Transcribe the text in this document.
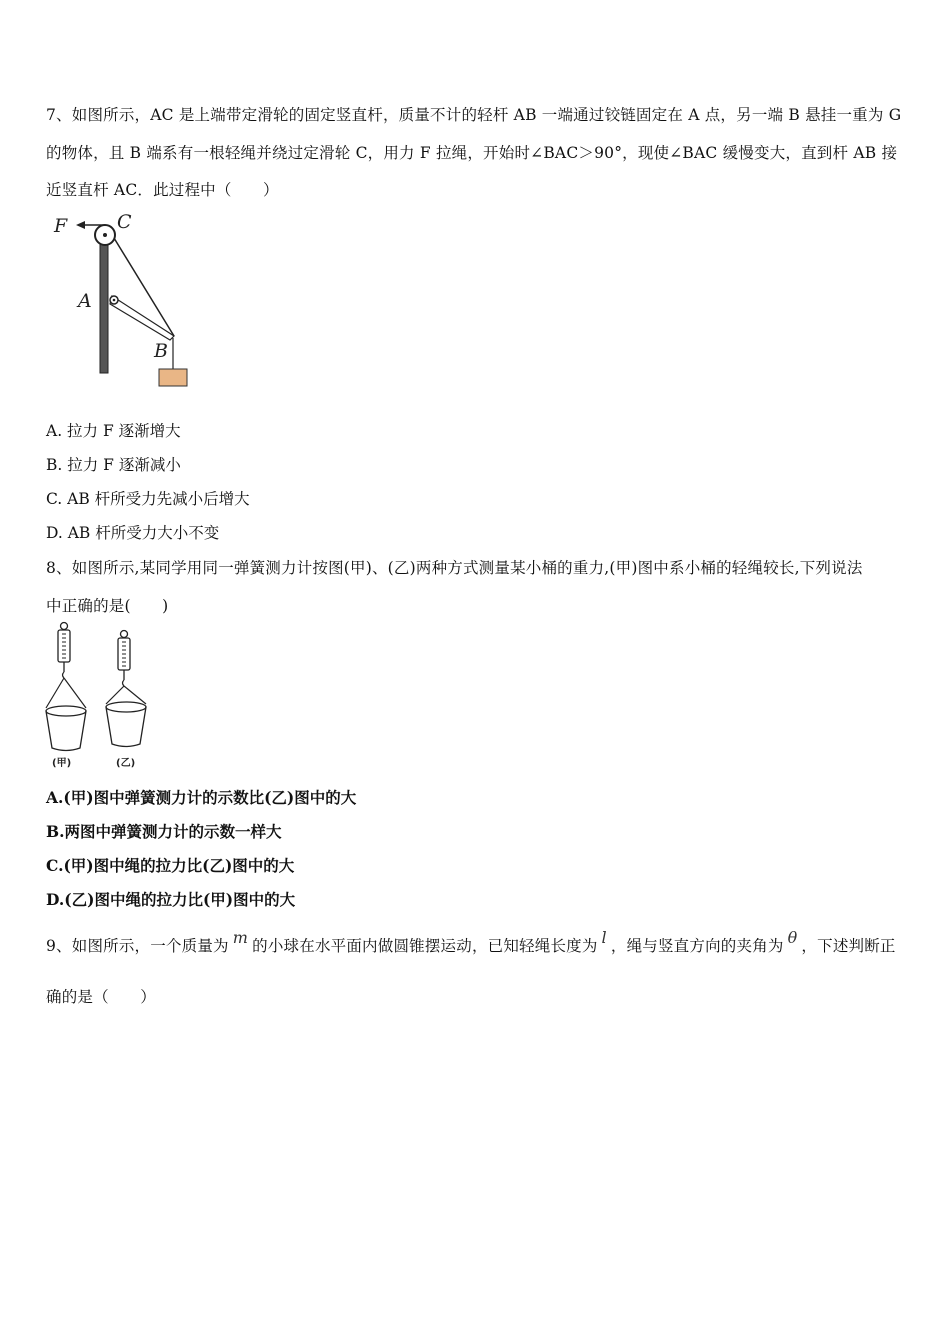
7、如图所示，AC 是上端带定滑轮的固定竖直杆，质量不计的轻杆 AB 一端通过铰链固定在 A 点，另一端 B 悬挂一重为 G
的物体，且 B 端系有一根轻绳并绕过定滑轮 C，用力 F 拉绳，开始时∠BAC＞90°，现使∠BAC 缓慢变大，直到杆 AB 接
近竖直杆 AC．此过程中（　　）
F	C
A
B
A. 拉力 F 逐渐增大
B. 拉力 F 逐渐减小
C. AB 杆所受力先减小后增大
D. AB 杆所受力大小不变
8、如图所示,某同学用同一弹簧测力计按图(甲)、(乙)两种方式测量某小桶的重力,(甲)图中系小桶的轻绳较长,下列说法
中正确的是(　　)
(甲)	(乙)
A.(甲)图中弹簧测力计的示数比(乙)图中的大
B.两图中弹簧测力计的示数一样大
C.(甲)图中绳的拉力比(乙)图中的大
D.(乙)图中绳的拉力比(甲)图中的大
9、如图所示，一个质量为 m 的小球在水平面内做圆锥摆运动，已知轻绳长度为 l ，绳与竖直方向的夹角为 θ ，下述判断正
确的是（　　）
